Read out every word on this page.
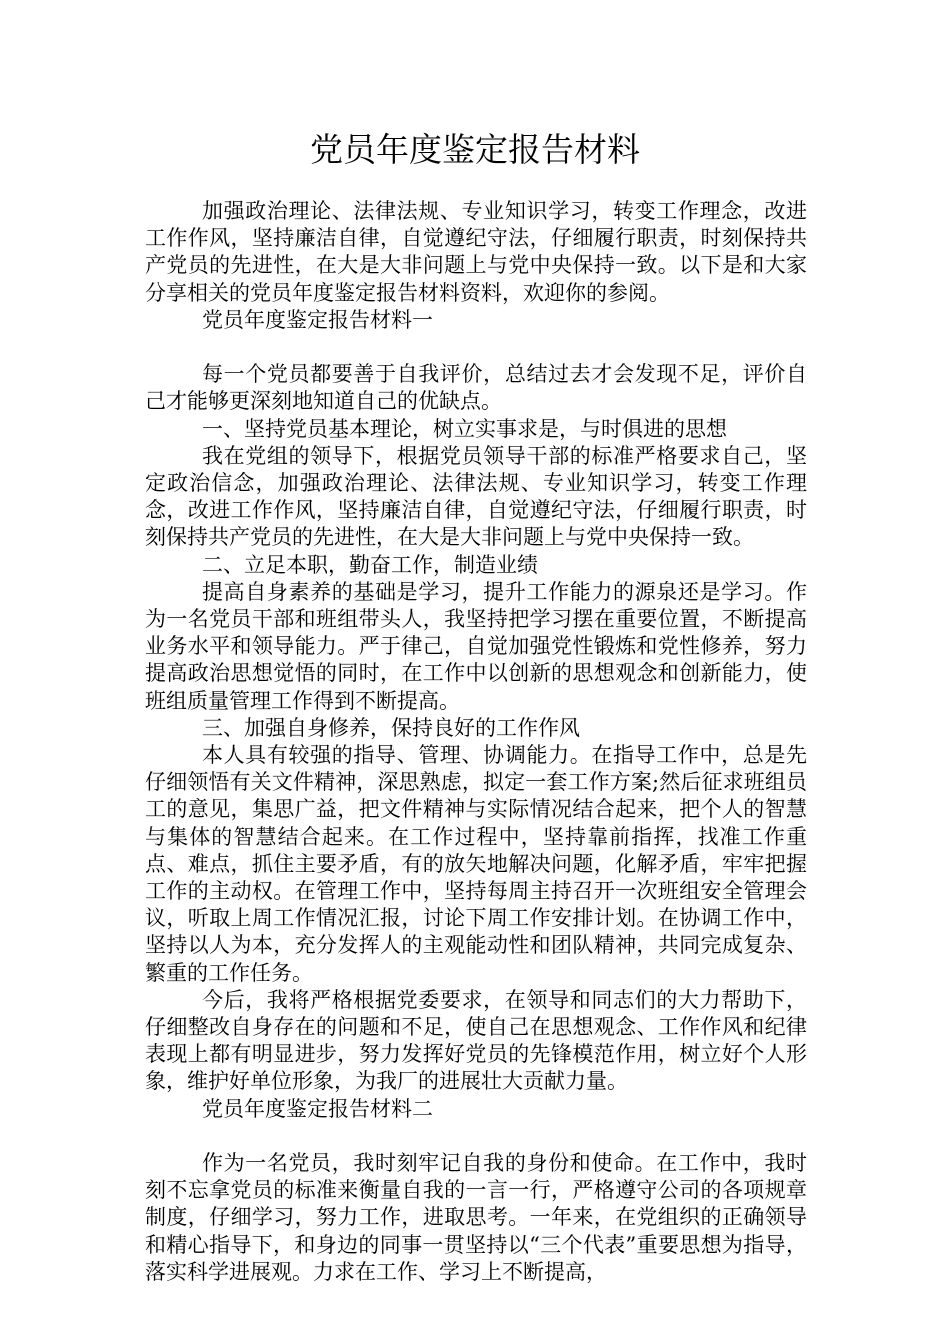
党员年度鉴定报告材料

加强政治理论、法律法规、专业知识学习，转变工作理念，改进工作作风，坚持廉洁自律，自觉遵纪守法，仔细履行职责，时刻保持共产党员的先进性，在大是大非问题上与党中央保持一致。以下是和大家分享相关的党员年度鉴定报告材料资料，欢迎你的参阅。

党员年度鉴定报告材料一

每一个党员都要善于自我评价，总结过去才会发现不足，评价自己才能够更深刻地知道自己的优缺点。

一、坚持党员基本理论，树立实事求是，与时俱进的思想

我在党组的领导下，根据党员领导干部的标准严格要求自己，坚定政治信念，加强政治理论、法律法规、专业知识学习，转变工作理念，改进工作作风，坚持廉洁自律，自觉遵纪守法，仔细履行职责，时刻保持共产党员的先进性，在大是大非问题上与党中央保持一致。

二、立足本职，勤奋工作，制造业绩

提高自身素养的基础是学习，提升工作能力的源泉还是学习。作为一名党员干部和班组带头人，我坚持把学习摆在重要位置，不断提高业务水平和领导能力。严于律己，自觉加强党性锻炼和党性修养，努力提高政治思想觉悟的同时，在工作中以创新的思想观念和创新能力，使班组质量管理工作得到不断提高。

三、加强自身修养，保持良好的工作作风

本人具有较强的指导、管理、协调能力。在指导工作中，总是先仔细领悟有关文件精神，深思熟虑，拟定一套工作方案;然后征求班组员工的意见，集思广益，把文件精神与实际情况结合起来，把个人的智慧与集体的智慧结合起来。在工作过程中，坚持靠前指挥，找准工作重点、难点，抓住主要矛盾，有的放矢地解决问题，化解矛盾，牢牢把握工作的主动权。在管理工作中，坚持每周主持召开一次班组安全管理会议，听取上周工作情况汇报，讨论下周工作安排计划。在协调工作中，坚持以人为本，充分发挥人的主观能动性和团队精神，共同完成复杂、繁重的工作任务。

今后，我将严格根据党委要求，在领导和同志们的大力帮助下，仔细整改自身存在的问题和不足，使自己在思想观念、工作作风和纪律表现上都有明显进步，努力发挥好党员的先锋模范作用，树立好个人形象，维护好单位形象，为我厂的进展壮大贡献力量。

党员年度鉴定报告材料二

作为一名党员，我时刻牢记自我的身份和使命。在工作中，我时刻不忘拿党员的标准来衡量自我的一言一行，严格遵守公司的各项规章制度，仔细学习，努力工作，进取思考。一年来，在党组织的正确领导和精心指导下，和身边的同事一贯坚持以“三个代表”重要思想为指导，落实科学进展观。力求在工作、学习上不断提高，
